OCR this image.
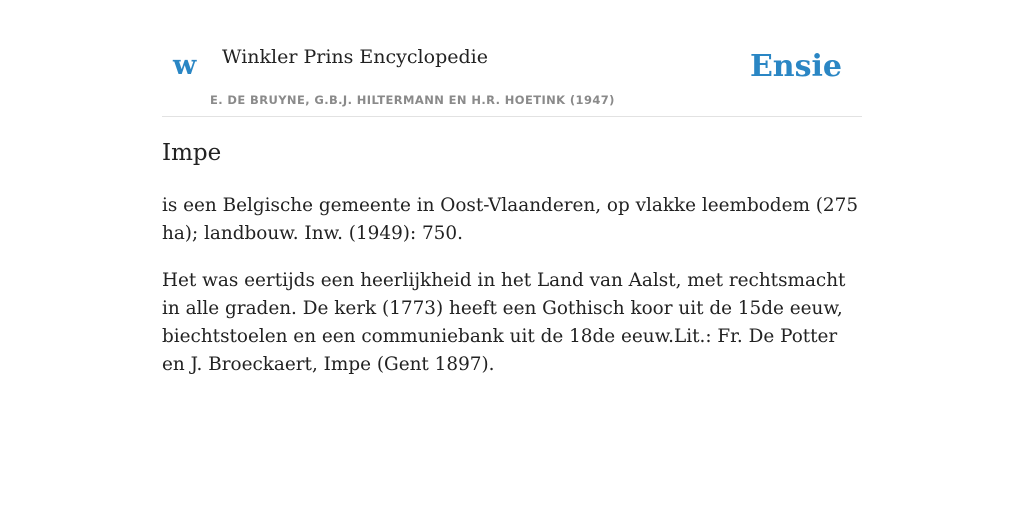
w Winkler Prins Encyclopedie
E. DE BRUYNE, G.B.J. HILTERMANN EN H.R. HOETINK (1947)
Ensie
Impe

is een Belgische gemeente in Oost-Vlaanderen, op vlakke leembodem (275 ha); landbouw. Inw. (1949): 750.

Het was eertijds een heerlijkheid in het Land van Aalst, met rechtsmacht in alle graden. De kerk (1773) heeft een Gothisch koor uit de 15de eeuw, biechtstoelen en een communiebank uit de 18de eeuw.Lit.: Fr. De Potter en J. Broeckaert, Impe (Gent 1897).
